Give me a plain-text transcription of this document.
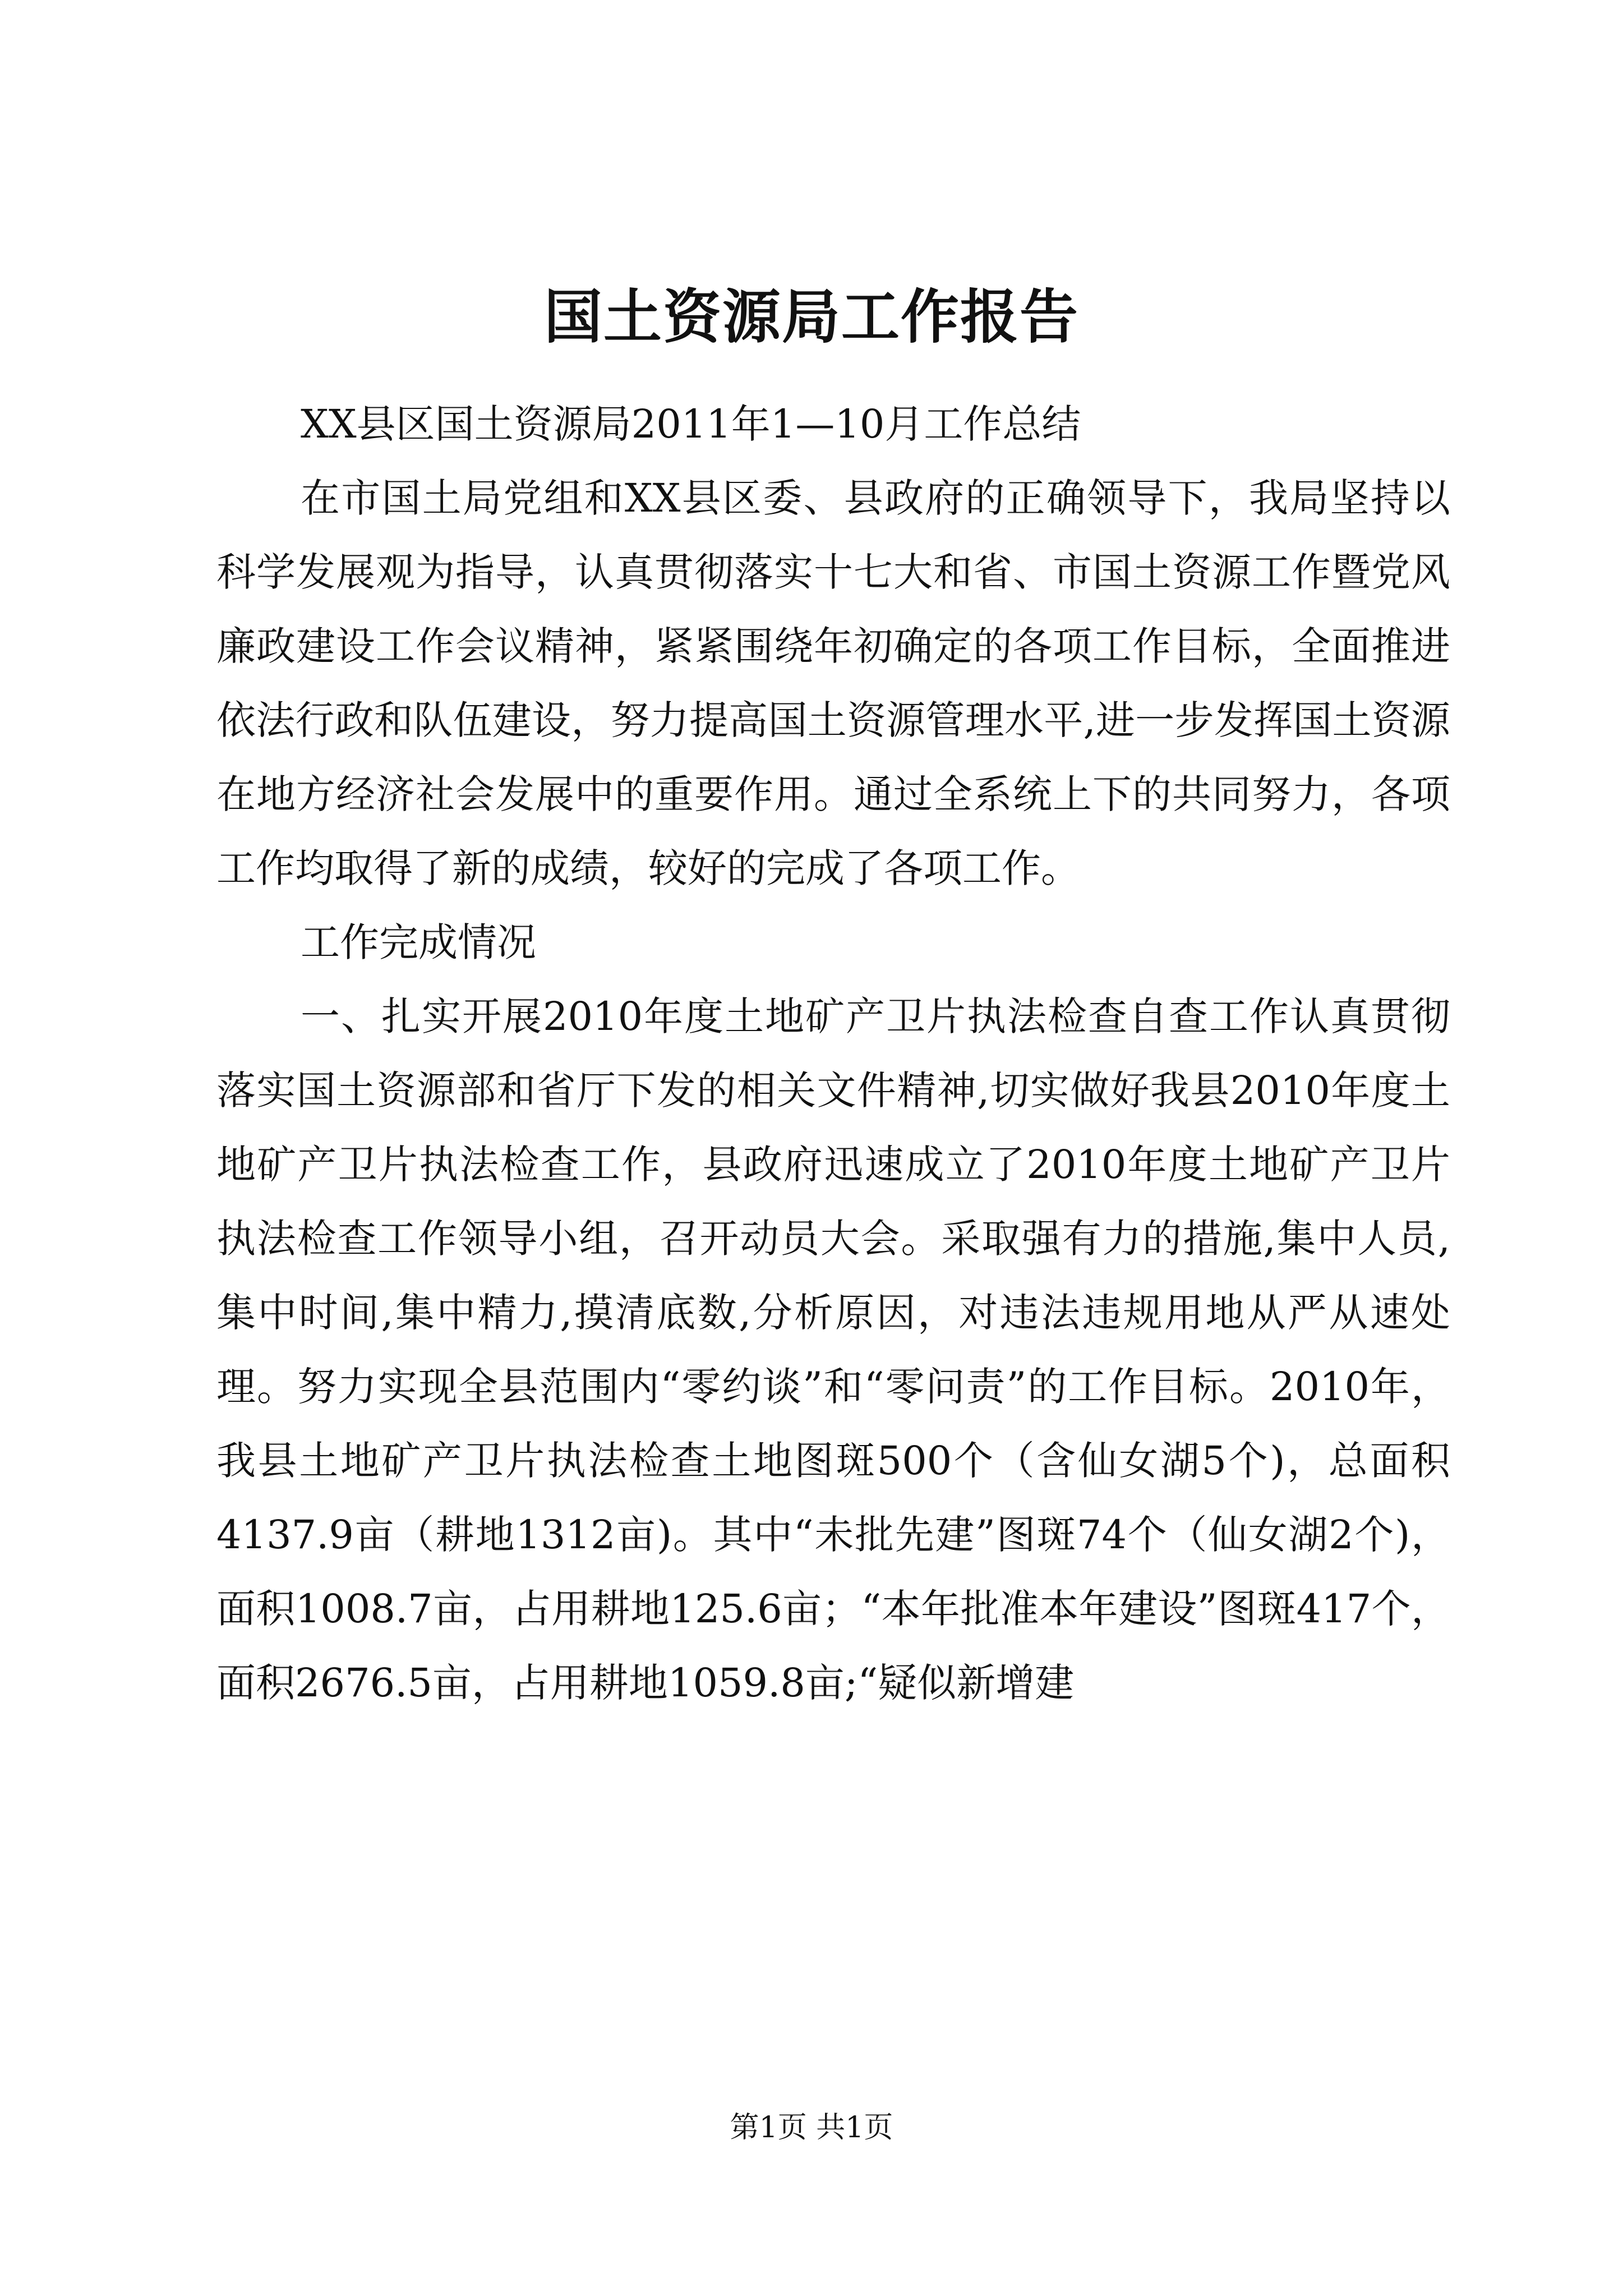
国土资源局工作报告

XX县区国土资源局2011年1—10月工作总结

在市国土局党组和XX县区委、县政府的正确领导下，我局坚持以科学发展观为指导，认真贯彻落实十七大和省、市国土资源工作暨党风廉政建设工作会议精神，紧紧围绕年初确定的各项工作目标，全面推进依法行政和队伍建设，努力提高国土资源管理水平,进一步发挥国土资源在地方经济社会发展中的重要作用。通过全系统上下的共同努力，各项工作均取得了新的成绩，较好的完成了各项工作。

工作完成情况

一、扎实开展2010年度土地矿产卫片执法检查自查工作认真贯彻落实国土资源部和省厅下发的相关文件精神,切实做好我县2010年度土地矿产卫片执法检查工作，县政府迅速成立了2010年度土地矿产卫片执法检查工作领导小组，召开动员大会。采取强有力的措施,集中人员,集中时间,集中精力,摸清底数,分析原因，对违法违规用地从严从速处理。努力实现全县范围内“零约谈”和“零问责”的工作目标。2010年，我县土地矿产卫片执法检查土地图斑500个（含仙女湖5个)，总面积4137.9亩（耕地1312亩)。其中“未批先建”图斑74个（仙女湖2个)，面积1008.7亩，占用耕地125.6亩；“本年批准本年建设”图斑417个，面积2676.5亩，占用耕地1059.8亩;“疑似新增建

第1页 共1页
